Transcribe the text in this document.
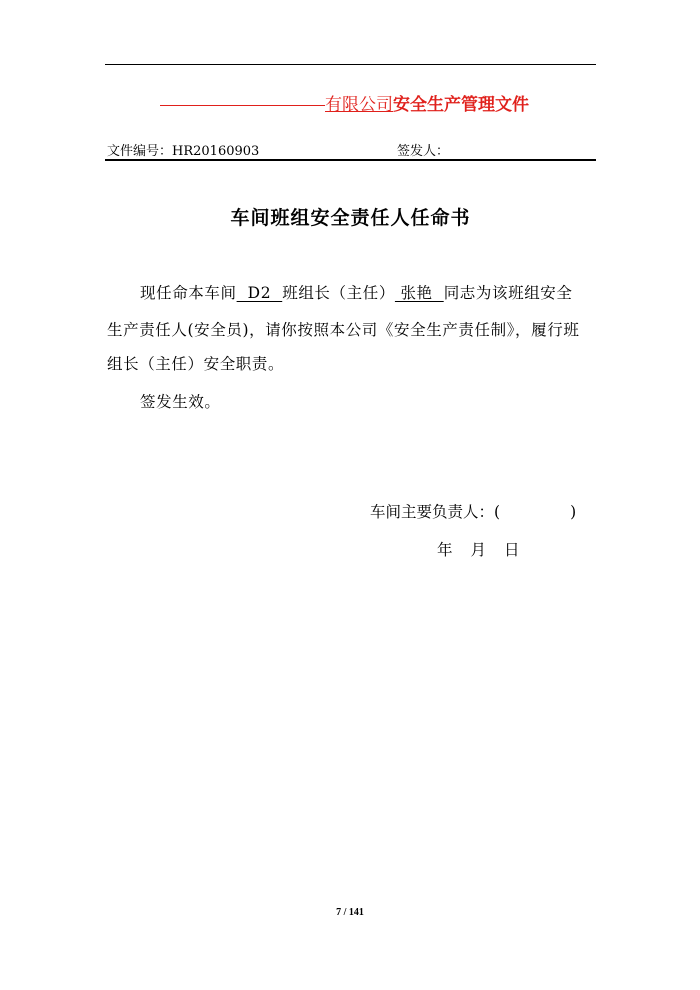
有限公司安全生产管理文件
文件编号：HR20160903	签发人：
车间班组安全责任人任命书
现任命本车间  D2  班组长（主任） 张艳  同志为该班组安全
生产责任人(安全员)，请你按照本公司《安全生产责任制》，履行班
组长（主任）安全职责。
签发生效。
车间主要负责人：(	)
年 月 日
7 / 141
